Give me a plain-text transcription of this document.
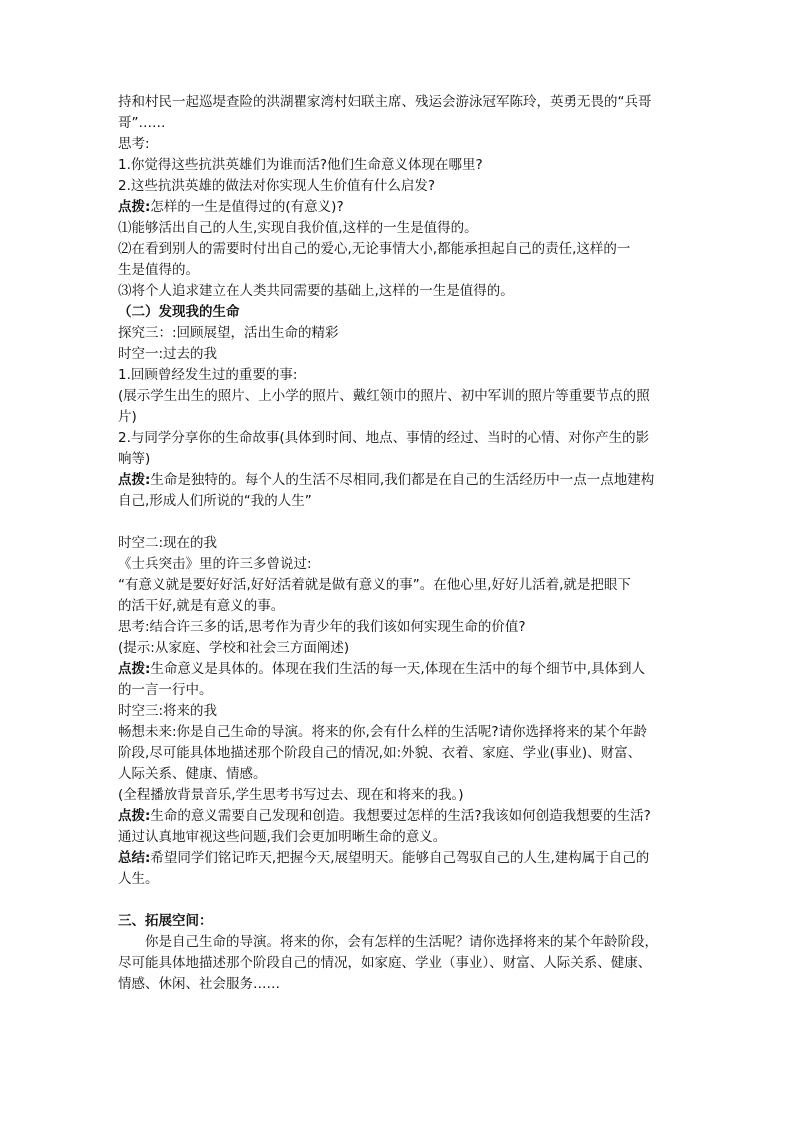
持和村民一起巡堤查险的洪湖瞿家湾村妇联主席、残运会游泳冠军陈玲，英勇无畏的“兵哥

哥”……

思考:

1.你觉得这些抗洪英雄们为谁而活?他们生命意义体现在哪里?

2.这些抗洪英雄的做法对你实现人生价值有什么启发?

点拨:怎样的一生是值得过的(有意义)?

⑴能够活出自己的人生,实现自我价值,这样的一生是值得的。

⑵在看到别人的需要时付出自己的爱心,无论事情大小,都能承担起自己的责任,这样的一

生是值得的。

⑶将个人追求建立在人类共同需要的基础上,这样的一生是值得的。

（二）发现我的生命

探究三：:回顾展望，活出生命的精彩

时空一:过去的我

1.回顾曾经发生过的重要的事:

(展示学生出生的照片、上小学的照片、戴红领巾的照片、初中军训的照片等重要节点的照

片)

2.与同学分享你的生命故事(具体到时间、地点、事情的经过、当时的心情、对你产生的影

响等)

点拨:生命是独特的。每个人的生活不尽相同,我们都是在自己的生活经历中一点一点地建构

自己,形成人们所说的“我的人生”

时空二:现在的我

《士兵突击》里的许三多曾说过:

“有意义就是要好好活,好好活着就是做有意义的事”。在他心里,好好儿活着,就是把眼下

的活干好,就是有意义的事。

思考:结合许三多的话,思考作为青少年的我们该如何实现生命的价值?

(提示:从家庭、学校和社会三方面阐述)

点拨:生命意义是具体的。体现在我们生活的每一天,体现在生活中的每个细节中,具体到人

的一言一行中。

时空三:将来的我

畅想未来:你是自己生命的导演。将来的你,会有什么样的生活呢?请你选择将来的某个年龄

阶段,尽可能具体地描述那个阶段自己的情况,如:外貌、衣着、家庭、学业(事业)、财富、

人际关系、健康、情感。

(全程播放背景音乐,学生思考书写过去、现在和将来的我。)

点拨:生命的意义需要自己发现和创造。我想要过怎样的生活?我该如何创造我想要的生活?

通过认真地审视这些问题,我们会更加明晰生命的意义。

总结:希望同学们铭记昨天,把握今天,展望明天。能够自己驾驭自己的人生,建构属于自己的

人生。

三、拓展空间：

你是自己生命的导演。将来的你，会有怎样的生活呢？请你选择将来的某个年龄阶段，

尽可能具体地描述那个阶段自己的情况，如家庭、学业（事业）、财富、人际关系、健康、

情感、休闲、社会服务……
